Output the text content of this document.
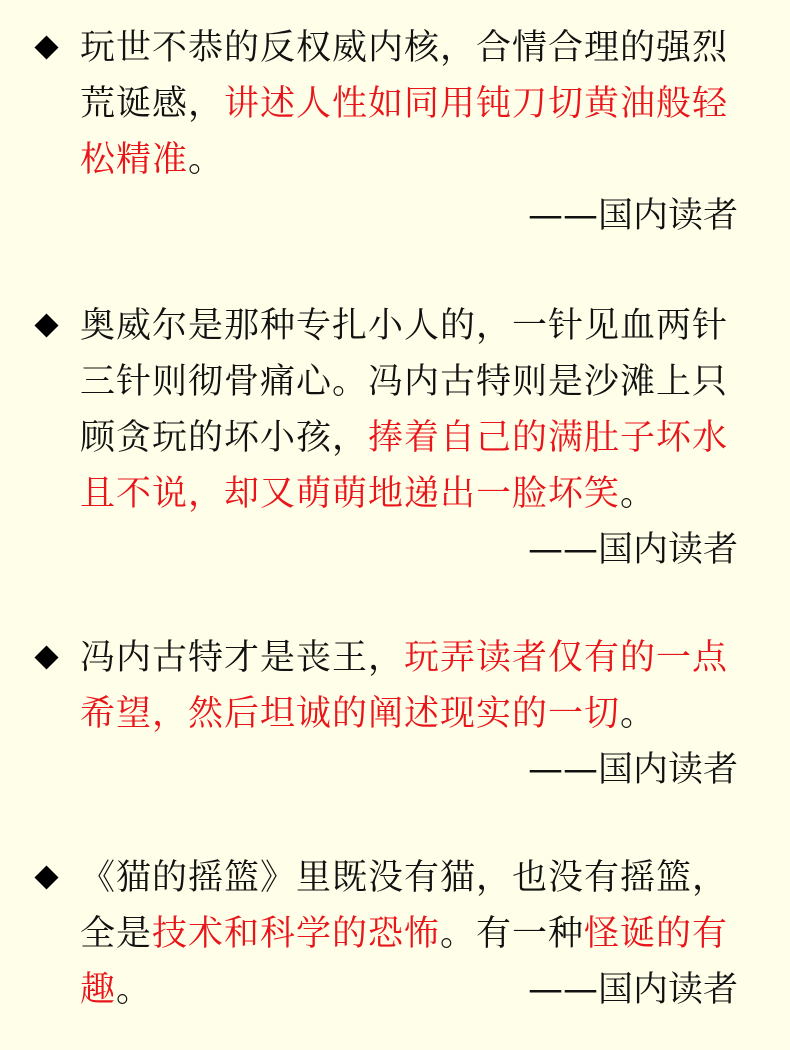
玩世不恭的反权威内核，合情合理的强烈荒诞感，讲述人性如同用钝刀切黄油般轻松精准。
——国内读者
奥威尔是那种专扎小人的，一针见血两针三针则彻骨痛心。冯内古特则是沙滩上只顾贪玩的坏小孩，捧着自己的满肚子坏水且不说，却又萌萌地递出一脸坏笑。
——国内读者
冯内古特才是丧王，玩弄读者仅有的一点希望，然后坦诚的阐述现实的一切。
——国内读者
《猫的摇篮》里既没有猫，也没有摇篮，全是技术和科学的恐怖。有一种怪诞的有趣。	——国内读者
